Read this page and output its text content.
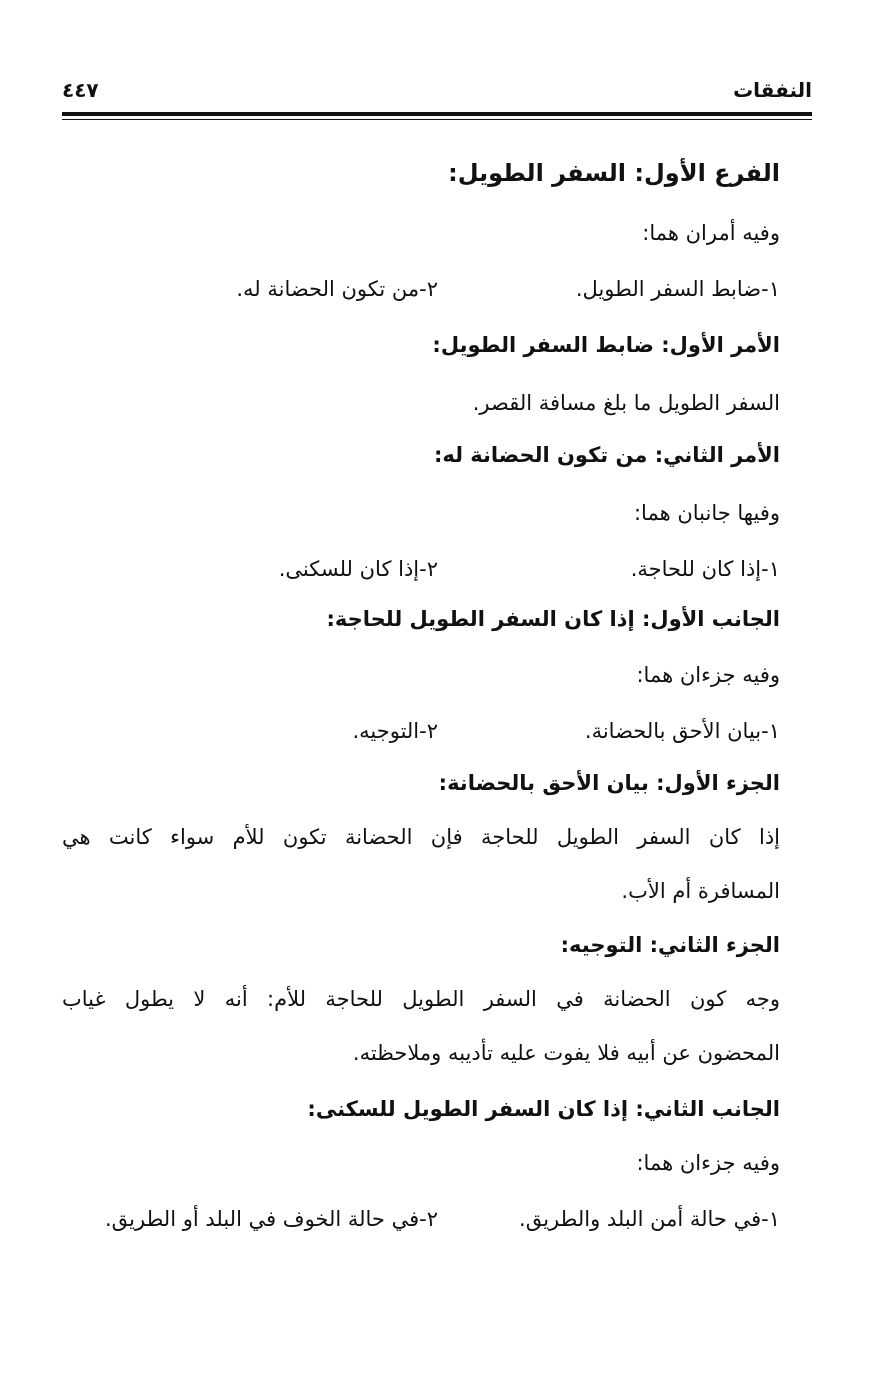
النفقات
٤٤٧
الفرع الأول: السفر الطويل:
وفيه أمران هما:
١-ضابط السفر الطويل.
٢-من تكون الحضانة له.
الأمر الأول: ضابط السفر الطويل:
السفر الطويل ما بلغ مسافة القصر.
الأمر الثاني: من تكون الحضانة له:
وفيها جانبان هما:
١-إذا كان للحاجة.
٢-إذا كان للسكنى.
الجانب الأول: إذا كان السفر الطويل للحاجة:
وفيه جزءان هما:
١-بيان الأحق بالحضانة.
٢-التوجيه.
الجزء الأول: بيان الأحق بالحضانة:
إذا كان السفر الطويل للحاجة فإن الحضانة تكون للأم سواء كانت هي
المسافرة أم الأب.
الجزء الثاني: التوجيه:
وجه كون الحضانة في السفر الطويل للحاجة للأم: أنه لا يطول غياب
المحضون عن أبيه فلا يفوت عليه تأديبه وملاحظته.
الجانب الثاني: إذا كان السفر الطويل للسكنى:
وفيه جزءان هما:
١-في حالة أمن البلد والطريق.
٢-في حالة الخوف في البلد أو الطريق.
